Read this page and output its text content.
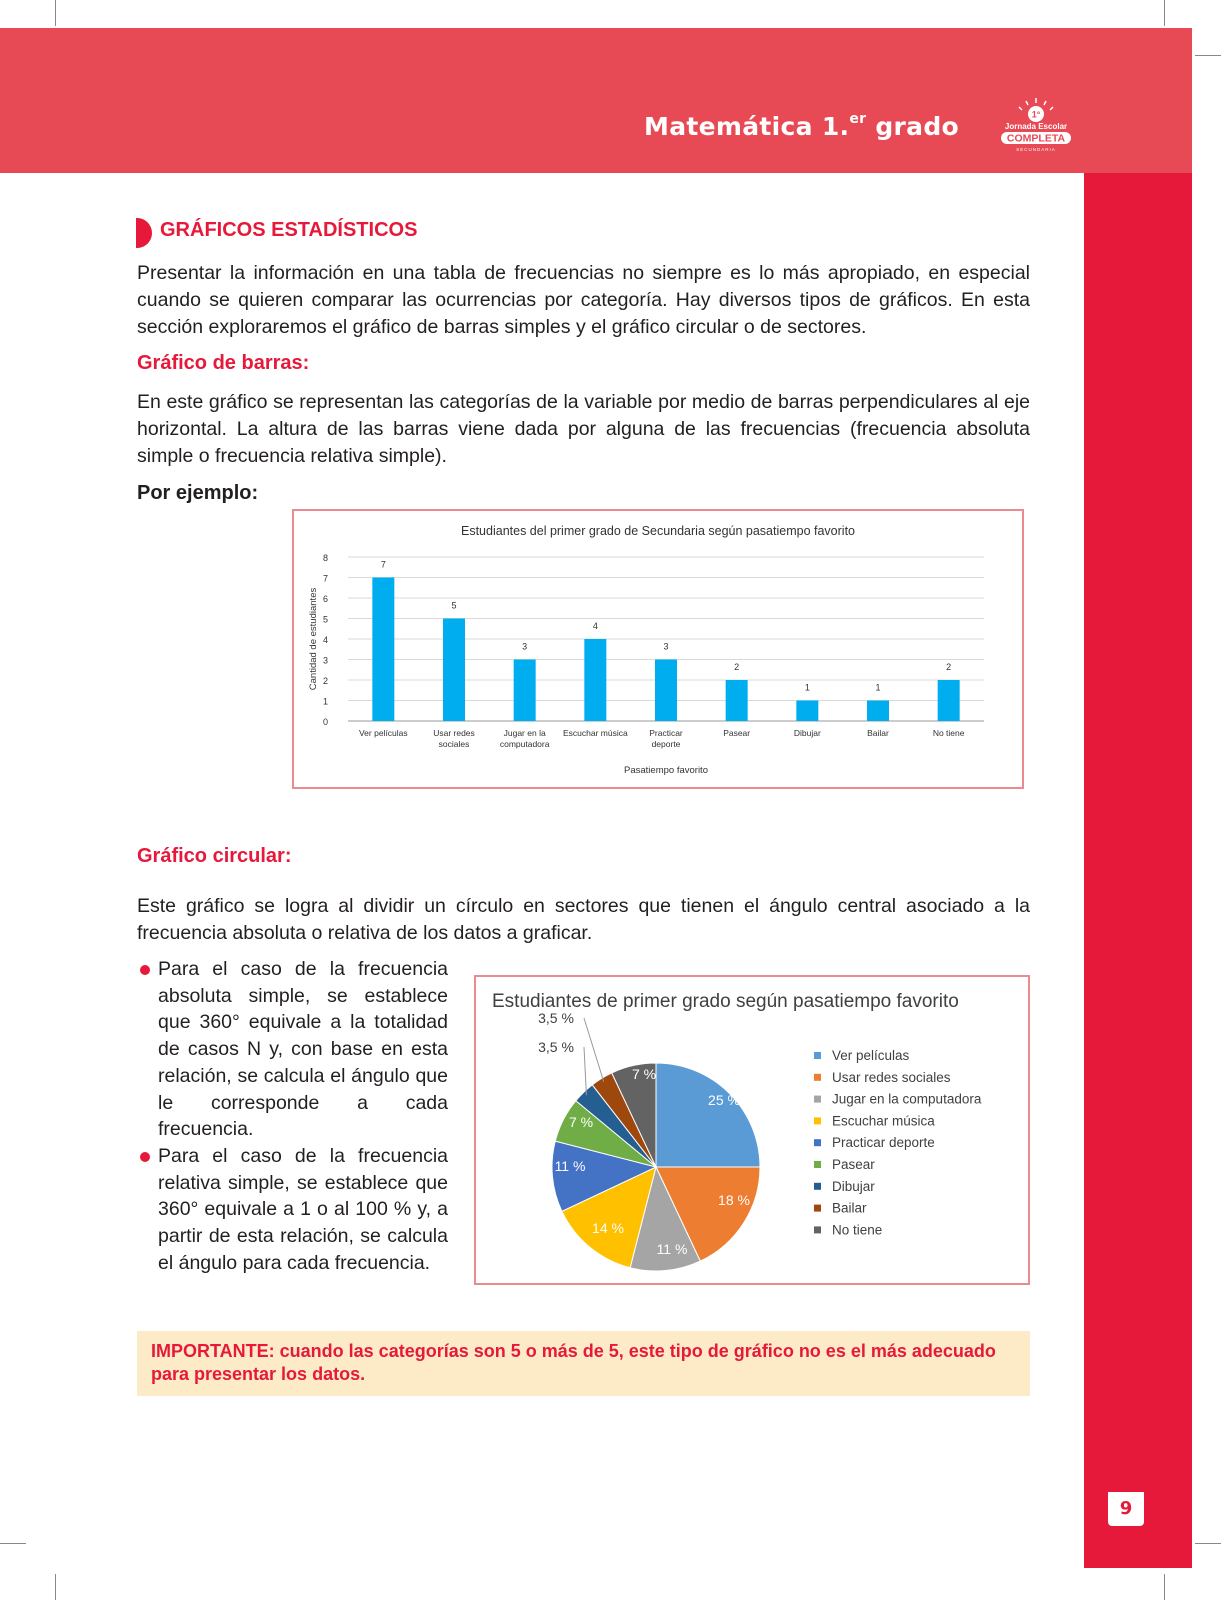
Matemática 1.$^{er}$ grado	1°
Jornada Escolar
COMPLETA
SECUNDARIA
9
GRÁFICOS ESTADÍSTICOS
Presentar la información en una tabla de frecuencias no siempre es lo más apropiado, en especial cuando se quieren comparar las ocurrencias por categoría. Hay diversos tipos de gráficos. En esta sección exploraremos el gráfico de barras simples y el gráfico circular o de sectores.
Gráfico de barras:
En este gráfico se representan las categorías de la variable por medio de barras perpendiculares al eje horizontal. La altura de las barras viene dada por alguna de las frecuencias (frecuencia absoluta simple o frecuencia relativa simple).
Por ejemplo:
Estudiantes del primer grado de Secundaria según pasatiempo favorito
0
1
2
3
4
5
6
7
8
7
Ver películas
5
Usar redes
sociales
3
Jugar en la
computadora
4
Escuchar música
3
Practicar
deporte
2
Pasear
1
Dibujar
1
Bailar
2
No tiene
Pasatiempo favorito
Cantidad de estudiantes
Gráfico circular:
Este gráfico se logra al dividir un círculo en sectores que tienen el ángulo central asociado a la frecuencia absoluta o relativa de los datos a graficar.
Para el caso de la frecuencia absoluta simple, se establece que 360° equivale a la totalidad de casos N y, con base en esta relación, se calcula el ángulo que le corresponde a cada frecuencia.
Para el caso de la frecuencia relativa simple, se establece que 360° equivale a 1 o al 100 % y, a partir de esta relación, se calcula el ángulo para cada frecuencia.
Estudiantes de primer grado según pasatiempo favorito
25 %
18 %
11 %
14 %
11 %
7 %
3,5 %
3,5 %
7 %
Ver películas
Usar redes sociales
Jugar en la computadora
Escuchar música
Practicar deporte
Pasear
Dibujar
Bailar
No tiene
IMPORTANTE: cuando las categorías son 5 o más de 5, este tipo de gráfico no es el más adecuado para presentar los datos.
